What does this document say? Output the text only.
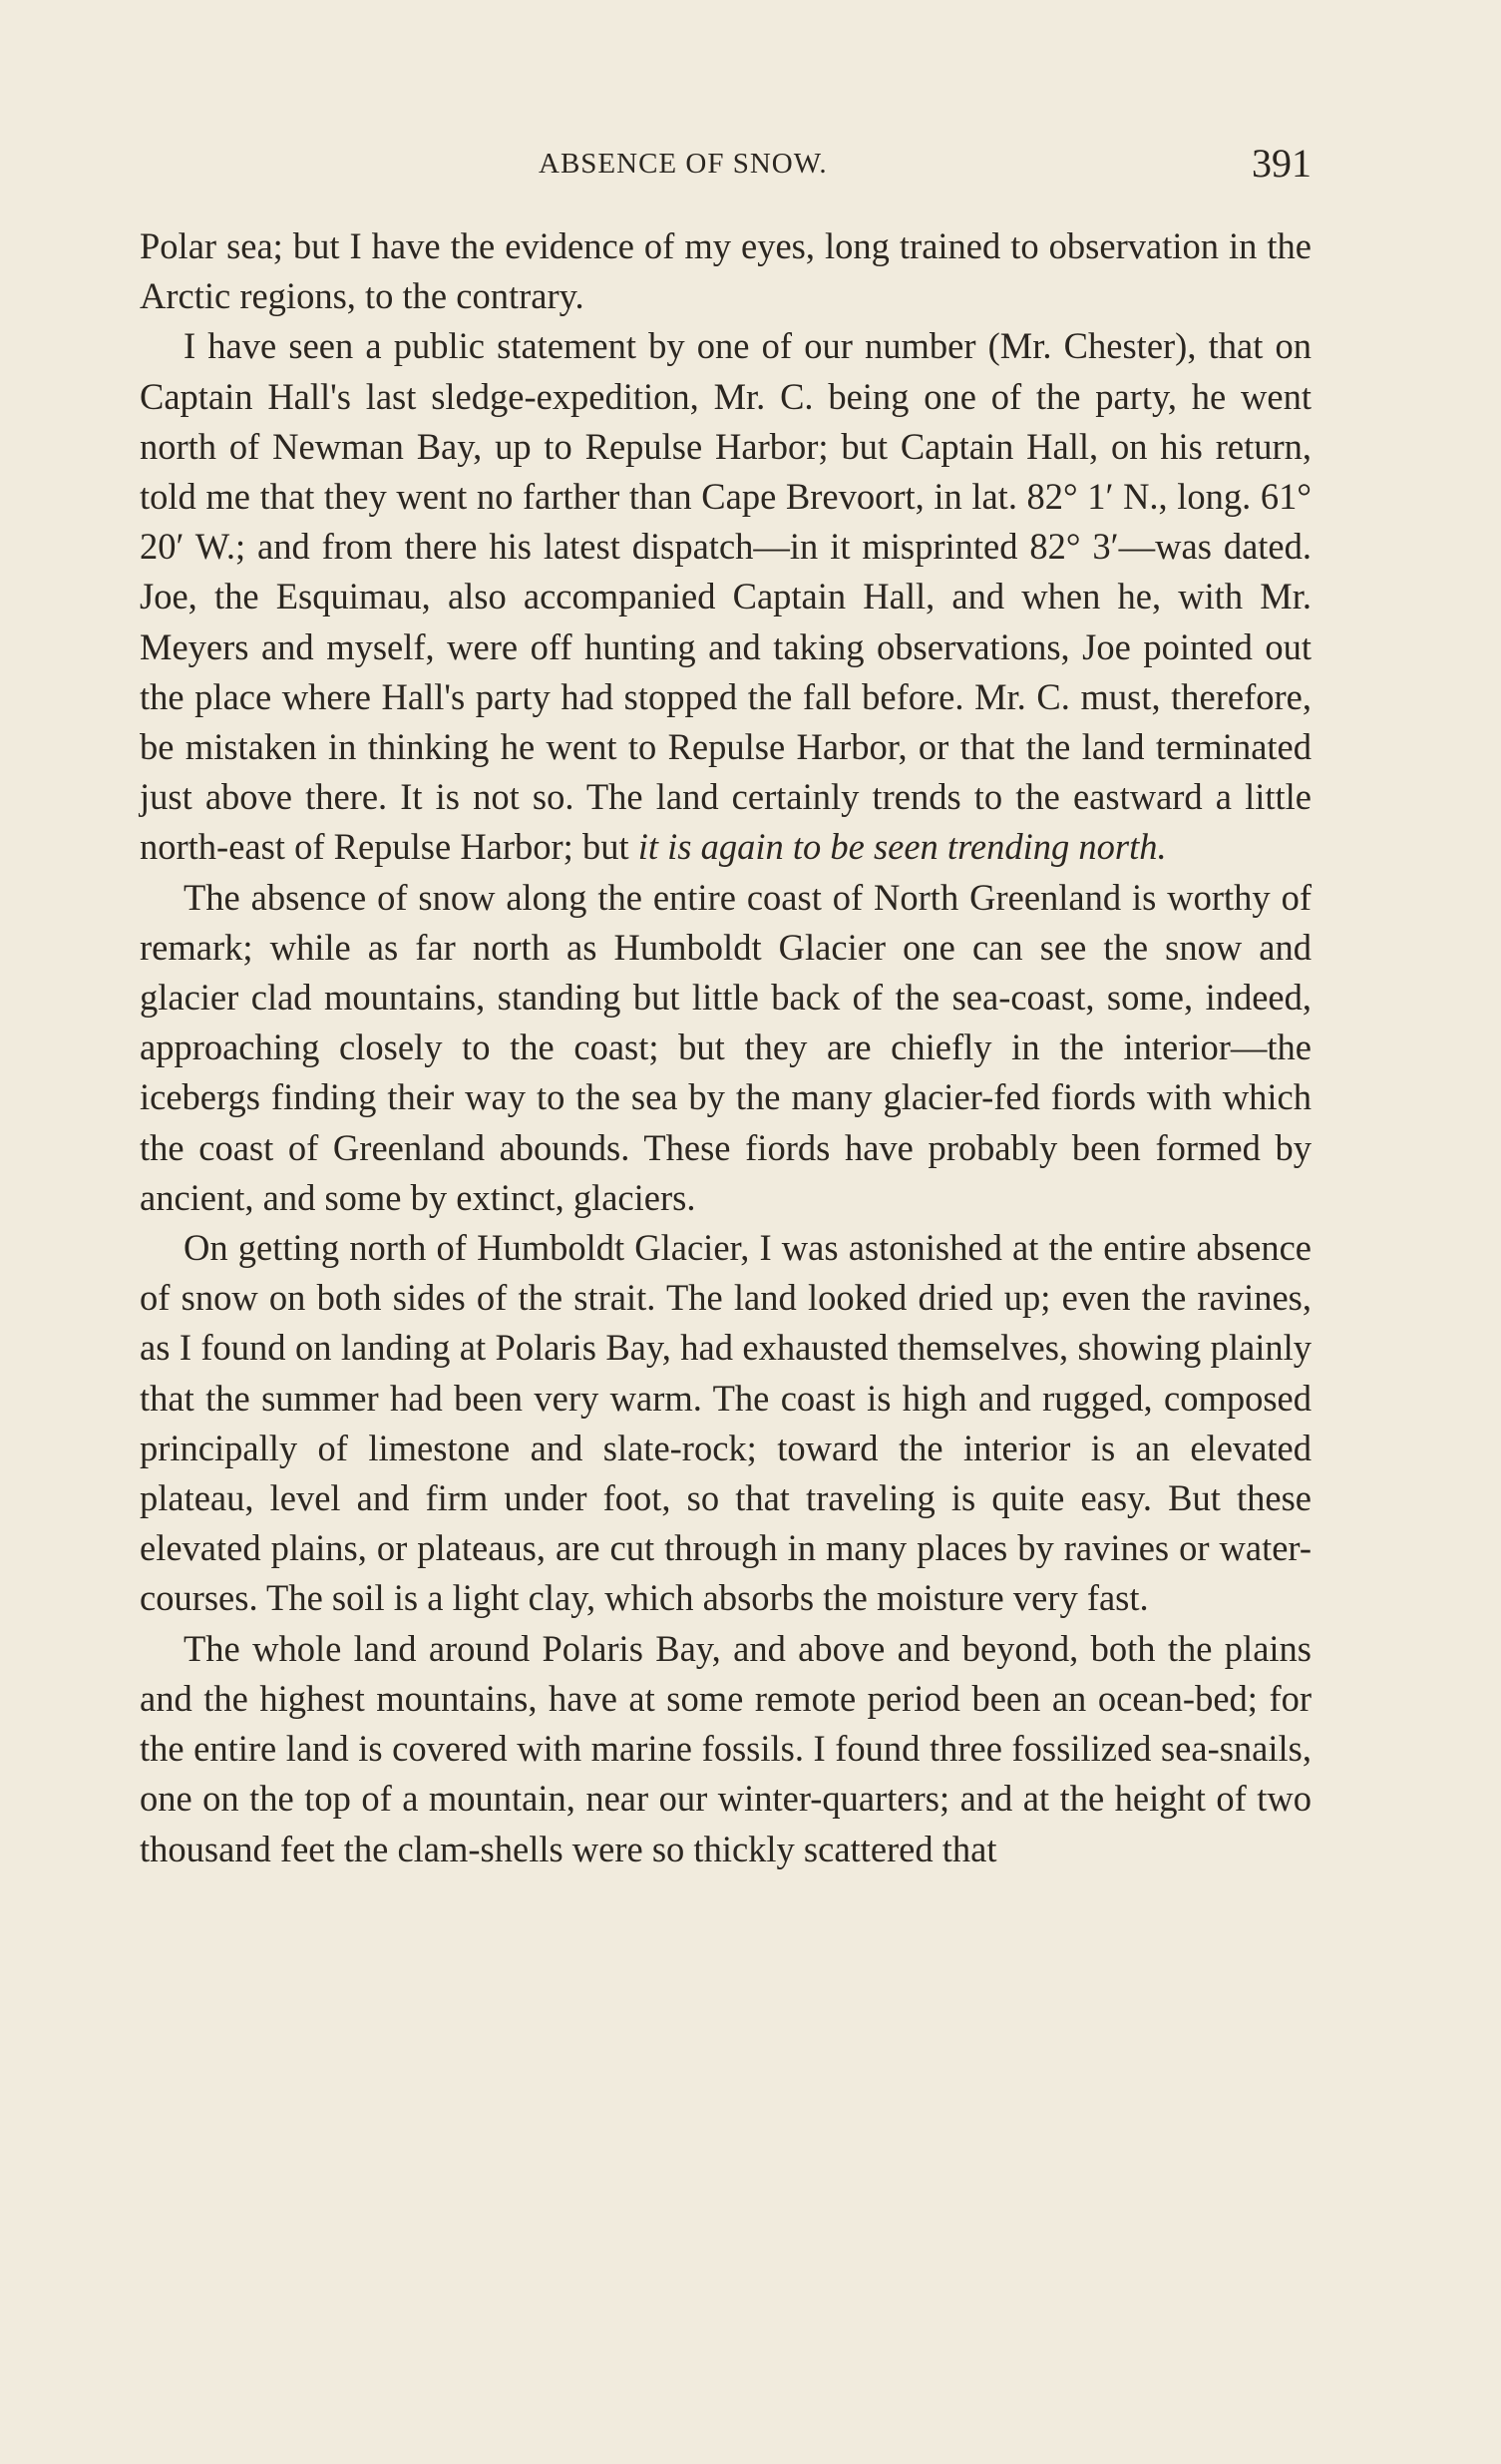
ABSENCE OF SNOW.	391

Polar sea; but I have the evidence of my eyes, long trained to observation in the Arctic regions, to the contrary.

I have seen a public statement by one of our number (Mr. Chester), that on Captain Hall's last sledge-expedition, Mr. C. being one of the party, he went north of Newman Bay, up to Repulse Harbor; but Captain Hall, on his return, told me that they went no farther than Cape Brevoort, in lat. 82° 1′ N., long. 61° 20′ W.; and from there his latest dispatch—in it misprinted 82° 3′—was dated. Joe, the Esquimau, also accompanied Captain Hall, and when he, with Mr. Meyers and myself, were off hunting and taking observations, Joe pointed out the place where Hall's party had stopped the fall before. Mr. C. must, therefore, be mistaken in thinking he went to Repulse Harbor, or that the land terminated just above there. It is not so. The land certainly trends to the eastward a little north-east of Repulse Harbor; but it is again to be seen trending north.

The absence of snow along the entire coast of North Greenland is worthy of remark; while as far north as Humboldt Glacier one can see the snow and glacier clad mountains, standing but little back of the sea-coast, some, indeed, approaching closely to the coast; but they are chiefly in the interior—the icebergs finding their way to the sea by the many glacier-fed fiords with which the coast of Greenland abounds. These fiords have probably been formed by ancient, and some by extinct, glaciers.

On getting north of Humboldt Glacier, I was astonished at the entire absence of snow on both sides of the strait. The land looked dried up; even the ravines, as I found on landing at Polaris Bay, had exhausted themselves, showing plainly that the summer had been very warm. The coast is high and rugged, composed principally of limestone and slate-rock; toward the interior is an elevated plateau, level and firm under foot, so that traveling is quite easy. But these elevated plains, or plateaus, are cut through in many places by ravines or water-courses. The soil is a light clay, which absorbs the moisture very fast.

The whole land around Polaris Bay, and above and beyond, both the plains and the highest mountains, have at some remote period been an ocean-bed; for the entire land is covered with marine fossils. I found three fossilized sea-snails, one on the top of a mountain, near our winter-quarters; and at the height of two thousand feet the clam-shells were so thickly scattered that
